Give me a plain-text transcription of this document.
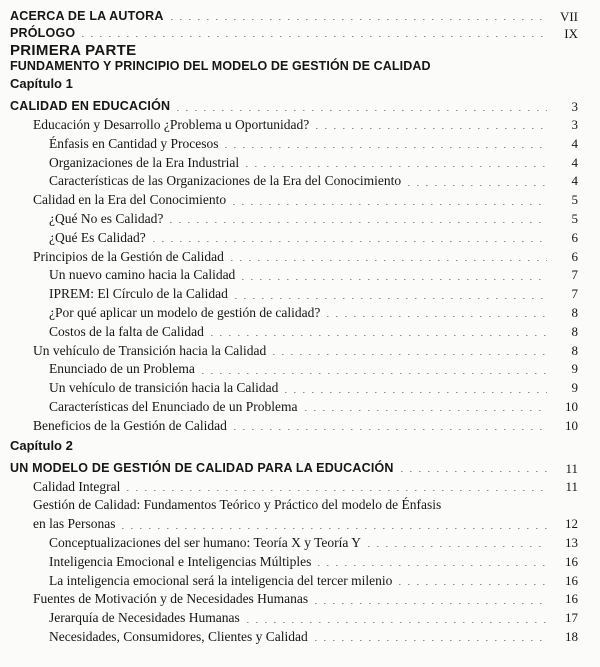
ACERCA DE LA AUTORA	VII
PRÓLOGO	IX
PRIMERA PARTE
FUNDAMENTO Y PRINCIPIO DEL MODELO DE GESTIÓN DE CALIDAD
Capítulo 1
CALIDAD EN EDUCACIÓN	3
Educación y Desarrollo ¿Problema u Oportunidad?	3
Énfasis en Cantidad y Procesos	4
Organizaciones de la Era Industrial	4
Características de las Organizaciones de la Era del Conocimiento	4
Calidad en la Era del Conocimiento	5
¿Qué No es Calidad?	5
¿Qué Es Calidad?	6
Principios de la Gestión de Calidad	6
Un nuevo camino hacia la Calidad	7
IPREM: El Círculo de la Calidad	7
¿Por qué aplicar un modelo de gestión de calidad?	8
Costos de la falta de Calidad	8
Un vehículo de Transición hacia la Calidad	8
Enunciado de un Problema	9
Un vehículo de transición hacia la Calidad	9
Características del Enunciado de un Problema	10
Beneficios de la Gestión de Calidad	10
Capítulo 2
UN MODELO DE GESTIÓN DE CALIDAD PARA LA EDUCACIÓN	11
Calidad Integral	11
Gestión de Calidad: Fundamentos Teórico y Práctico del modelo de Énfasis
en las Personas	12
Conceptualizaciones del ser humano: Teoría X y Teoría Y	13
Inteligencia Emocional e Inteligencias Múltiples	16
La inteligencia emocional será la inteligencia del tercer milenio	16
Fuentes de Motivación y de Necesidades Humanas	16
Jerarquía de Necesidades Humanas	17
Necesidades, Consumidores, Clientes y Calidad	18
